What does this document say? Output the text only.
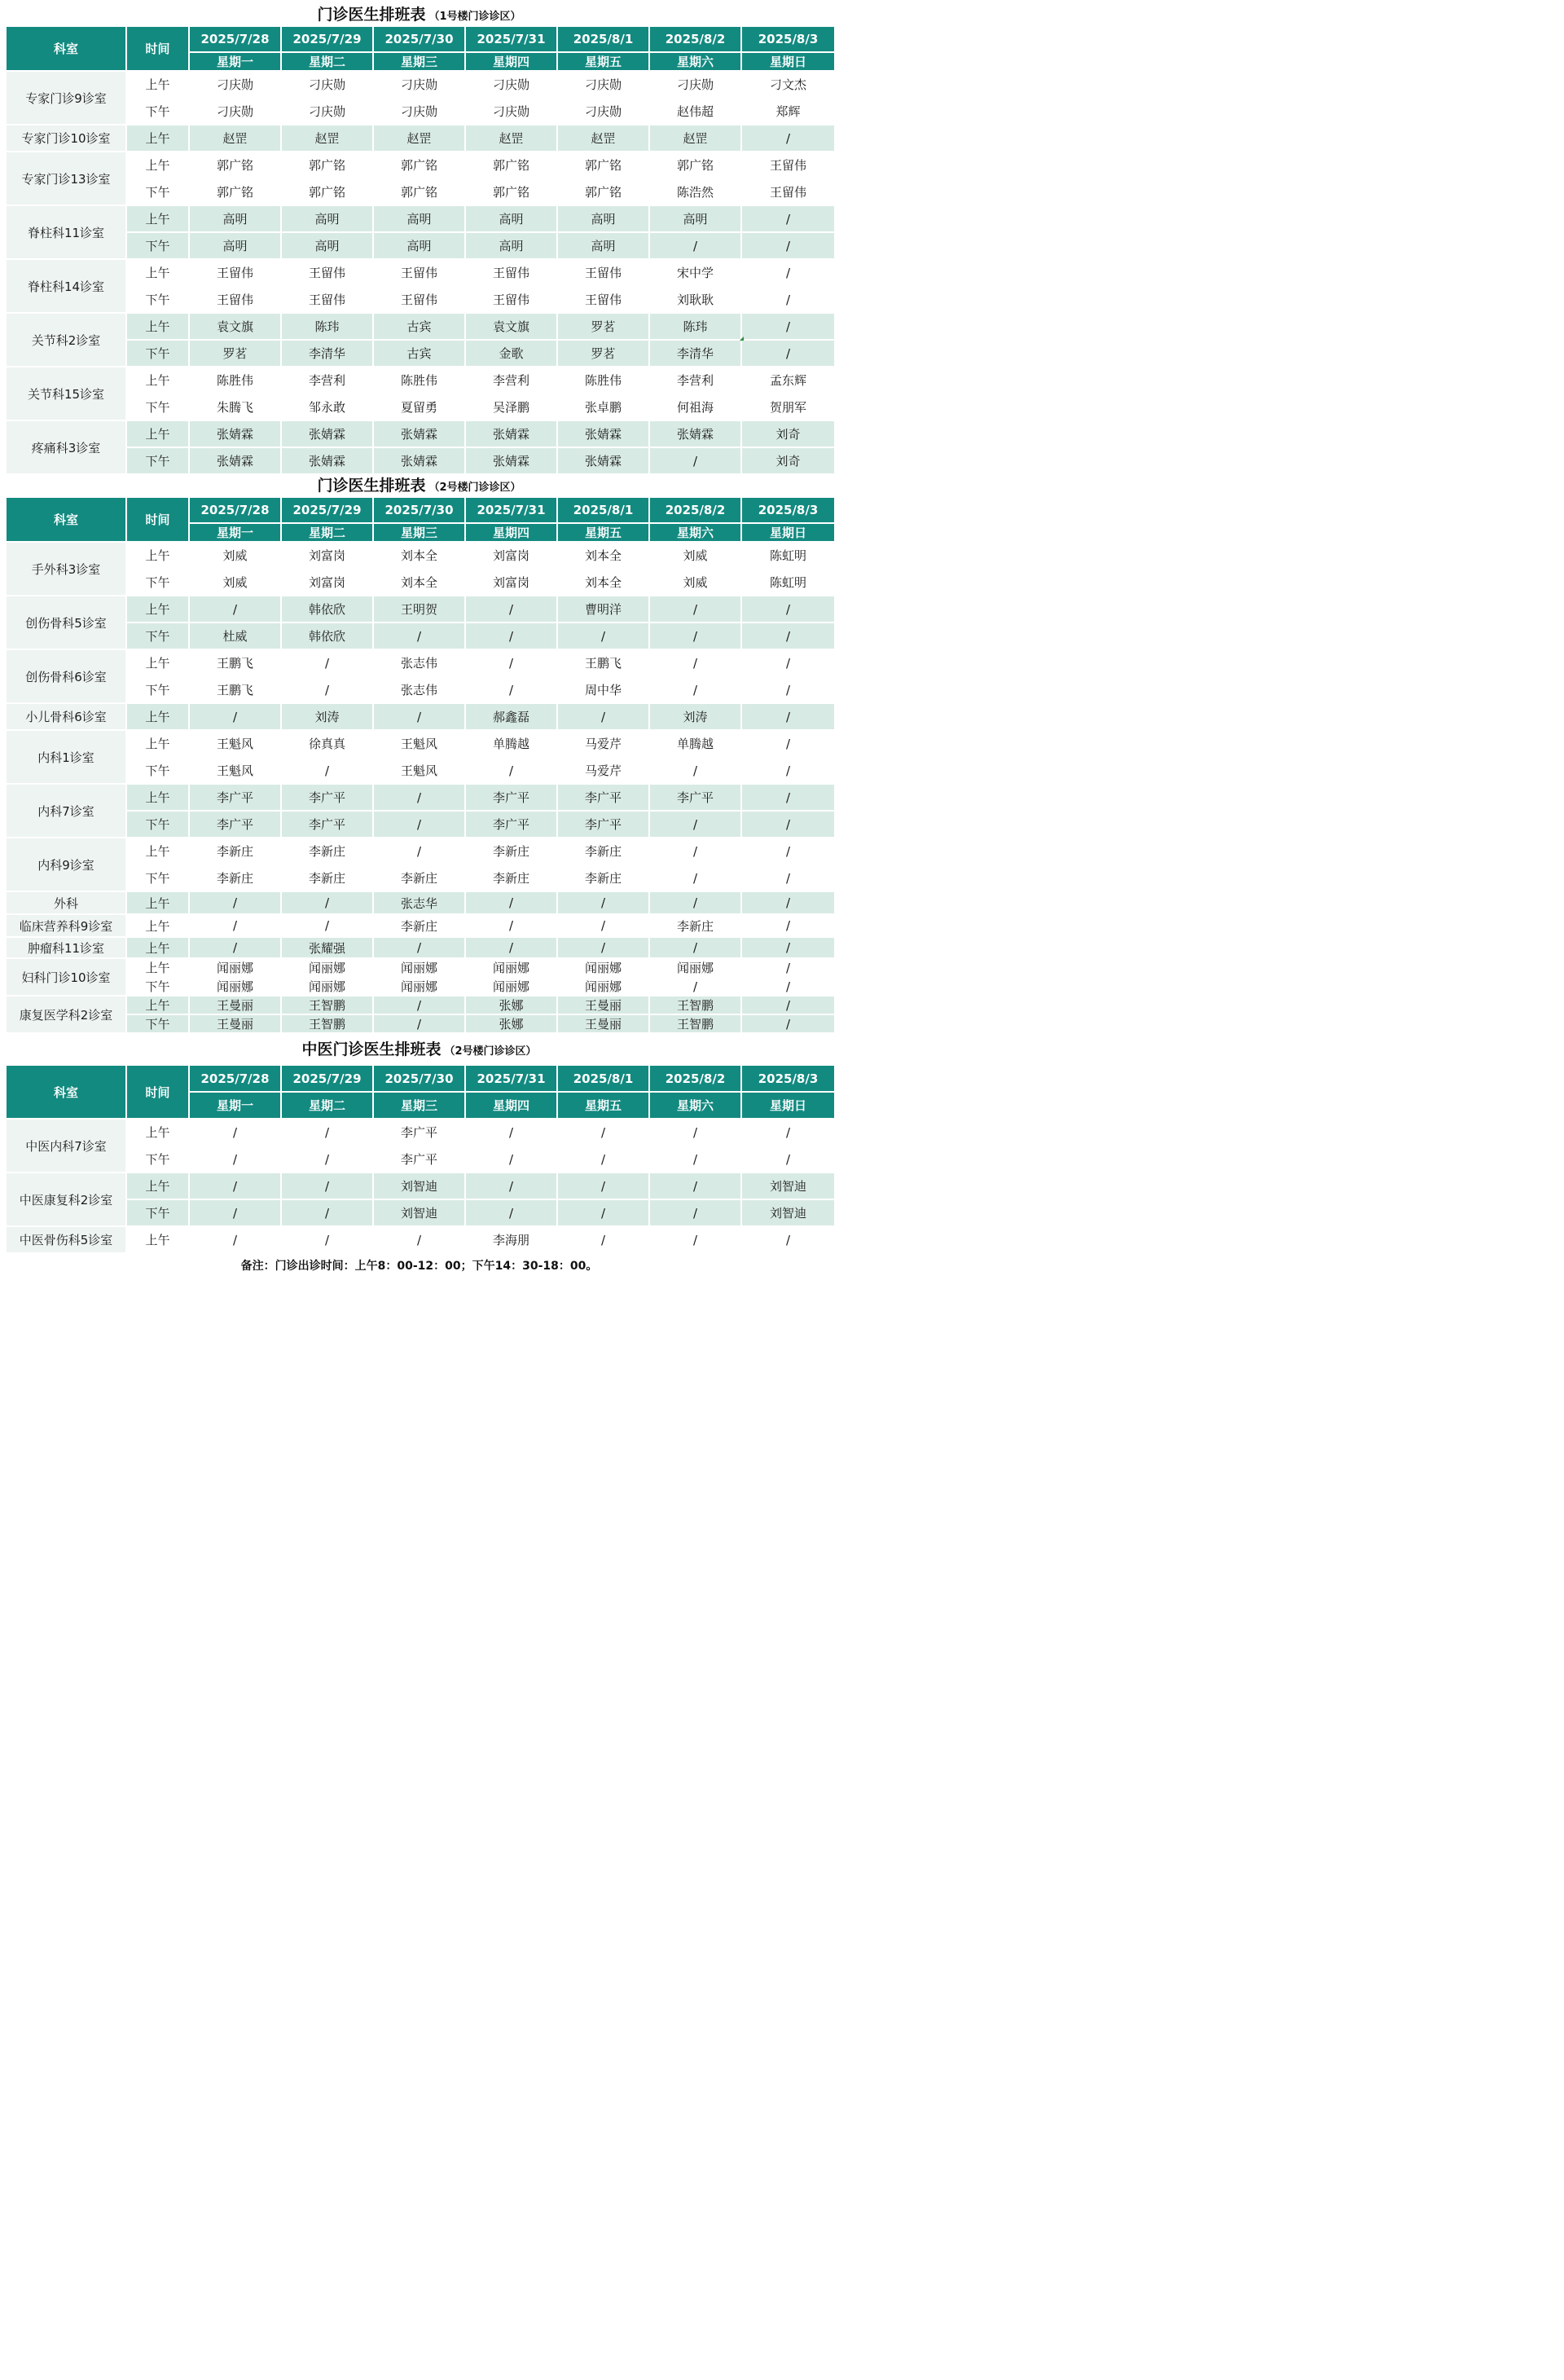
门诊医生排班表 （1号楼门诊诊区）
科室	时间	2025/7/28	2025/7/29	2025/7/30	2025/7/31	2025/8/1	2025/8/2	2025/8/3
		星期一	星期二	星期三	星期四	星期五	星期六	星期日
专家门诊9诊室	上午	刁庆勋	刁庆勋	刁庆勋	刁庆勋	刁庆勋	刁庆勋	刁文杰
	下午	刁庆勋	刁庆勋	刁庆勋	刁庆勋	刁庆勋	赵伟超	郑辉
专家门诊10诊室	上午	赵罡	赵罡	赵罡	赵罡	赵罡	赵罡	/
专家门诊13诊室	上午	郭广铭	郭广铭	郭广铭	郭广铭	郭广铭	郭广铭	王留伟
	下午	郭广铭	郭广铭	郭广铭	郭广铭	郭广铭	陈浩然	王留伟
脊柱科11诊室	上午	高明	高明	高明	高明	高明	高明	/
	下午	高明	高明	高明	高明	高明	/	/
脊柱科14诊室	上午	王留伟	王留伟	王留伟	王留伟	王留伟	宋中学	/
	下午	王留伟	王留伟	王留伟	王留伟	王留伟	刘耿耿	/
关节科2诊室	上午	袁文旗	陈玮	古宾	袁文旗	罗茗	陈玮	/
	下午	罗茗	李清华	古宾	金歌	罗茗	李清华	/
关节科15诊室	上午	陈胜伟	李营利	陈胜伟	李营利	陈胜伟	李营利	孟东辉
	下午	朱腾飞	邹永敢	夏留勇	吴泽鹏	张卓鹏	何祖海	贺朋军
疼痛科3诊室	上午	张婧霖	张婧霖	张婧霖	张婧霖	张婧霖	张婧霖	刘奇
	下午	张婧霖	张婧霖	张婧霖	张婧霖	张婧霖	/	刘奇
门诊医生排班表 （2号楼门诊诊区）
科室	时间	2025/7/28	2025/7/29	2025/7/30	2025/7/31	2025/8/1	2025/8/2	2025/8/3
		星期一	星期二	星期三	星期四	星期五	星期六	星期日
手外科3诊室	上午	刘威	刘富岗	刘本全	刘富岗	刘本全	刘威	陈虹明
	下午	刘威	刘富岗	刘本全	刘富岗	刘本全	刘威	陈虹明
创伤骨科5诊室	上午	/	韩依欣	王明贺	/	曹明洋	/	/
	下午	杜威	韩依欣	/	/	/	/	/
创伤骨科6诊室	上午	王鹏飞	/	张志伟	/	王鹏飞	/	/
	下午	王鹏飞	/	张志伟	/	周中华	/	/
小儿骨科6诊室	上午	/	刘涛	/	郝鑫磊	/	刘涛	/
内科1诊室	上午	王魁风	徐真真	王魁风	单腾越	马爱芹	单腾越	/
	下午	王魁风	/	王魁风	/	马爱芹	/	/
内科7诊室	上午	李广平	李广平	/	李广平	李广平	李广平	/
	下午	李广平	李广平	/	李广平	李广平	/	/
内科9诊室	上午	李新庄	李新庄	/	李新庄	李新庄	/	/
	下午	李新庄	李新庄	李新庄	李新庄	李新庄	/	/
外科	上午	/	/	张志华	/	/	/	/
临床营养科9诊室	上午	/	/	李新庄	/	/	李新庄	/
肿瘤科11诊室	上午	/	张耀强	/	/	/	/	/
妇科门诊10诊室	上午	闻丽娜	闻丽娜	闻丽娜	闻丽娜	闻丽娜	闻丽娜	/
	下午	闻丽娜	闻丽娜	闻丽娜	闻丽娜	闻丽娜	/	/
康复医学科2诊室	上午	王曼丽	王智鹏	/	张娜	王曼丽	王智鹏	/
	下午	王曼丽	王智鹏	/	张娜	王曼丽	王智鹏	/
中医门诊医生排班表 （2号楼门诊诊区）
科室	时间	2025/7/28	2025/7/29	2025/7/30	2025/7/31	2025/8/1	2025/8/2	2025/8/3
		星期一	星期二	星期三	星期四	星期五	星期六	星期日
中医内科7诊室	上午	/	/	李广平	/	/	/	/
	下午	/	/	李广平	/	/	/	/
中医康复科2诊室	上午	/	/	刘智迪	/	/	/	刘智迪
	下午	/	/	刘智迪	/	/	/	刘智迪
中医骨伤科5诊室	上午	/	/	/	李海朋	/	/	/
备注：门诊出诊时间：上午8：00-12：00；下午14：30-18：00。
